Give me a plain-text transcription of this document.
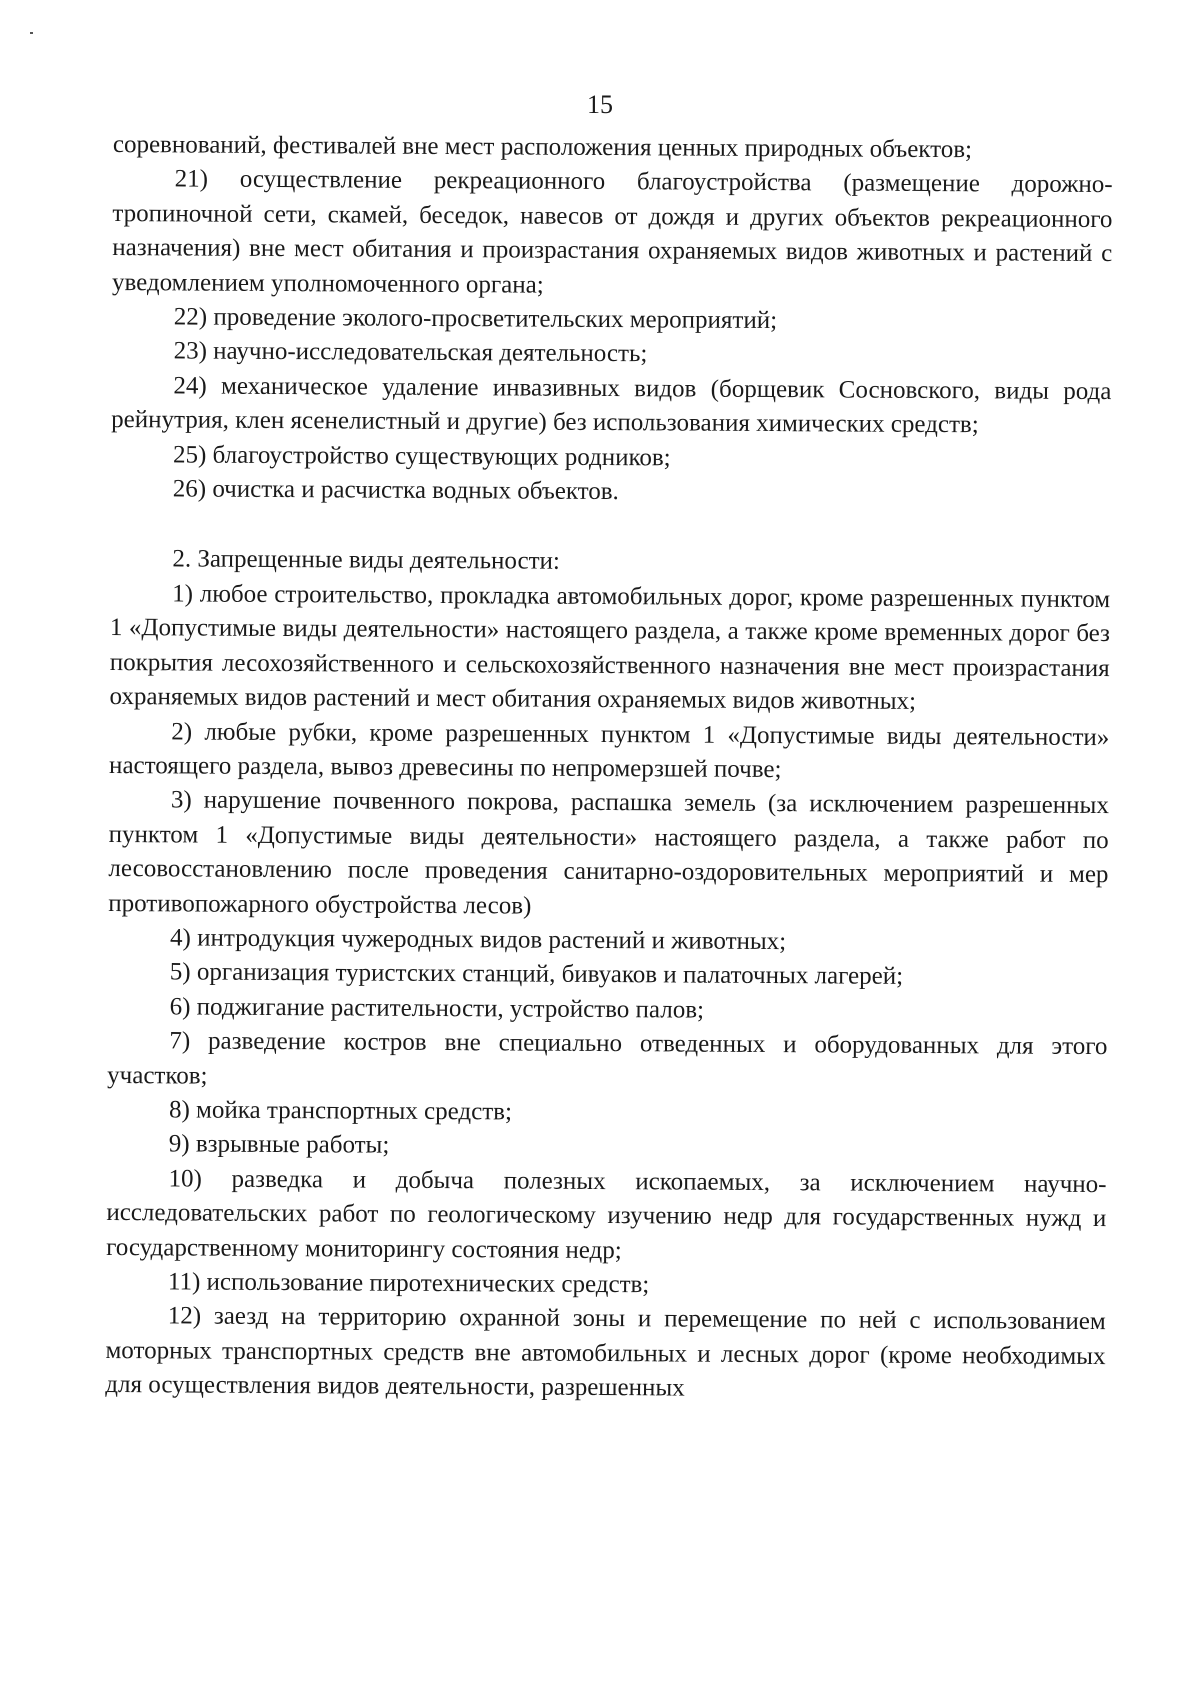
15

соревнований, фестивалей вне мест расположения ценных природных объектов;

21) осуществление рекреационного благоустройства (размещение дорожно-тропиночной сети, скамей, беседок, навесов от дождя и других объектов рекреационного назначения) вне мест обитания и произрастания охраняемых видов животных и растений с уведомлением уполномоченного органа;

22) проведение эколого-просветительских мероприятий;

23) научно-исследовательская деятельность;

24) механическое удаление инвазивных видов (борщевик Сосновского, виды рода рейнутрия, клен ясенелистный и другие) без использования химических средств;

25) благоустройство существующих родников;

26) очистка и расчистка водных объектов.

2. Запрещенные виды деятельности:

1) любое строительство, прокладка автомобильных дорог, кроме разрешенных пунктом 1 «Допустимые виды деятельности» настоящего раздела, а также кроме временных дорог без покрытия лесохозяйственного и сельскохозяйственного назначения вне мест произрастания охраняемых видов растений и мест обитания охраняемых видов животных;

2) любые рубки, кроме разрешенных пунктом 1 «Допустимые виды деятельности» настоящего раздела, вывоз древесины по непромерзшей почве;

3) нарушение почвенного покрова, распашка земель (за исключением разрешенных пунктом 1 «Допустимые виды деятельности» настоящего раздела, а также работ по лесовосстановлению после проведения санитарно-оздоровительных мероприятий и мер противопожарного обустройства лесов)

4) интродукция чужеродных видов растений и животных;

5) организация туристских станций, бивуаков и палаточных лагерей;

6) поджигание растительности, устройство палов;

7) разведение костров вне специально отведенных и оборудованных для этого участков;

8) мойка транспортных средств;

9) взрывные работы;

10) разведка и добыча полезных ископаемых, за исключением научно-исследовательских работ по геологическому изучению недр для государственных нужд и государственному мониторингу состояния недр;

11) использование пиротехнических средств;

12) заезд на территорию охранной зоны и перемещение по ней с использованием моторных транспортных средств вне автомобильных и лесных дорог (кроме необходимых для осуществления видов деятельности, разрешенных
